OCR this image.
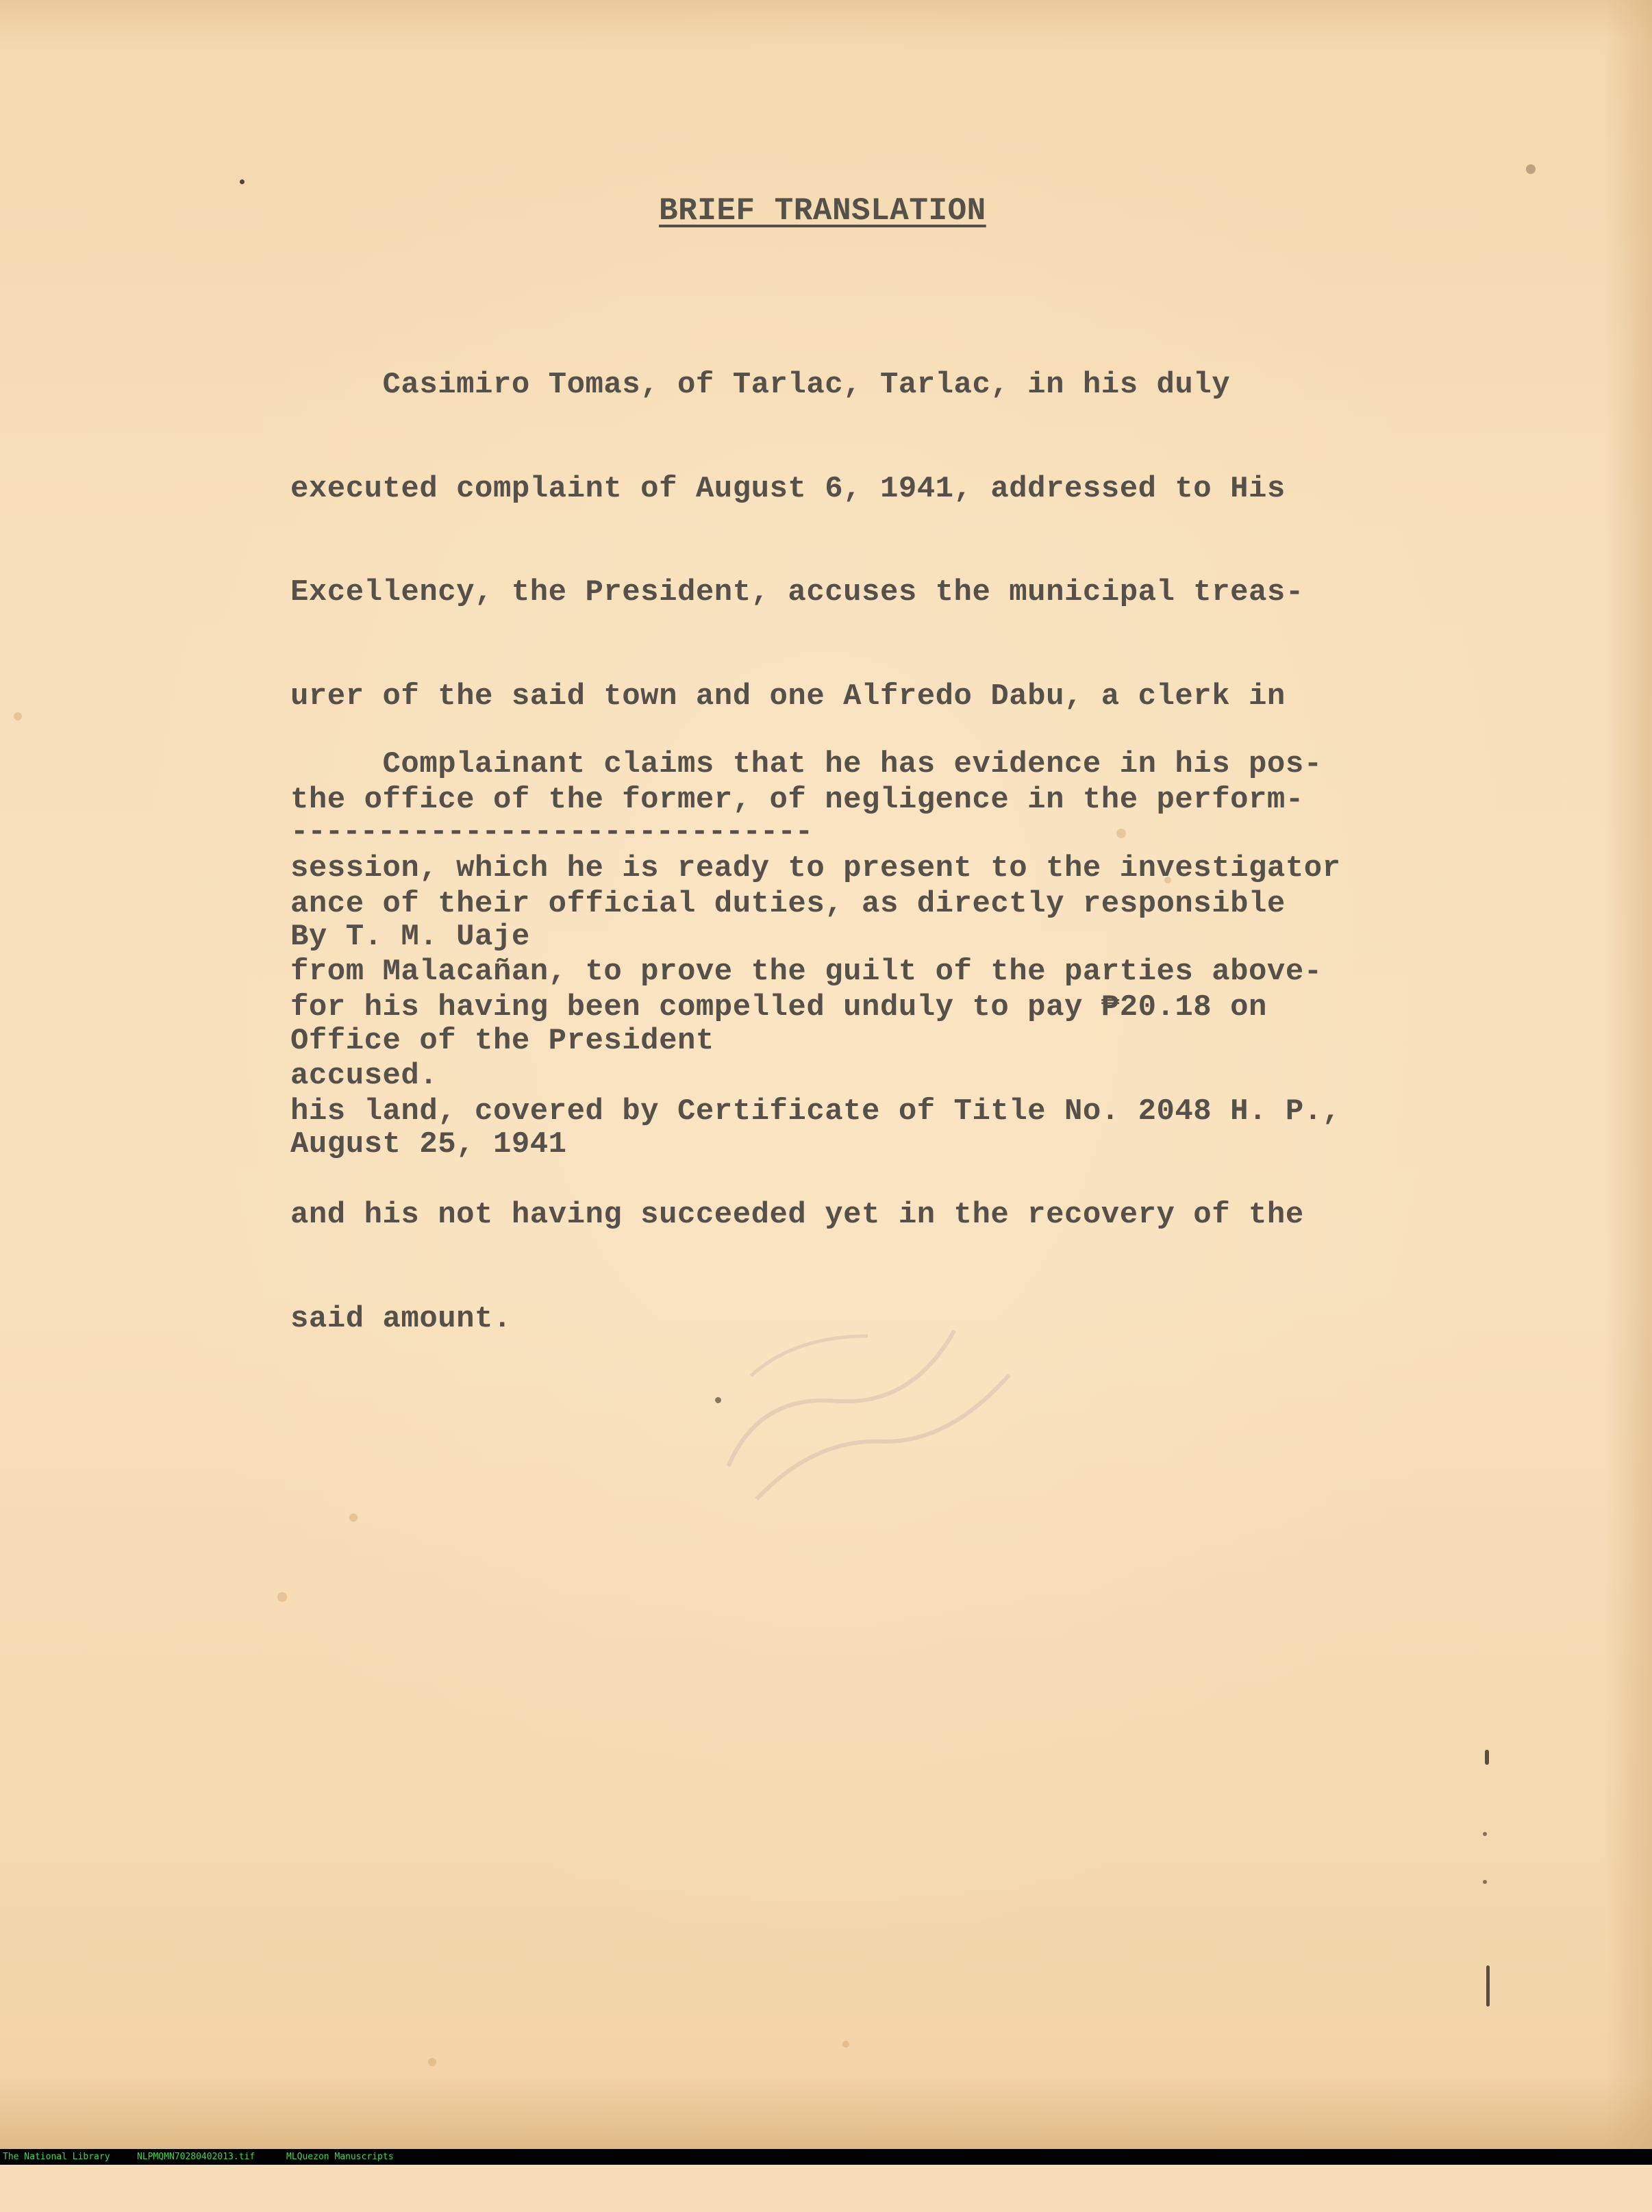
BRIEF TRANSLATION

Casimiro Tomas, of Tarlac, Tarlac, in his duly

executed complaint of August 6, 1941, addressed to His

Excellency, the President, accuses the municipal treas-

urer of the said town and one Alfredo Dabu, a clerk in

the office of the former, of negligence in the perform-

ance of their official duties, as directly responsible

for his having been compelled unduly to pay ₱20.18 on

his land, covered by Certificate of Title No. 2048 H. P.,

and his not having succeeded yet in the recovery of the

said amount.

Complainant claims that he has evidence in his pos-

session, which he is ready to present to the investigator

from Malacañan, to prove the guilt of the parties above-

accused.

------------------------------

By T. M. Uaje

Office of the President

August 25, 1941

The National Library

	NLPMQMN70280402013.tif

	MLQuezon Manuscripts
